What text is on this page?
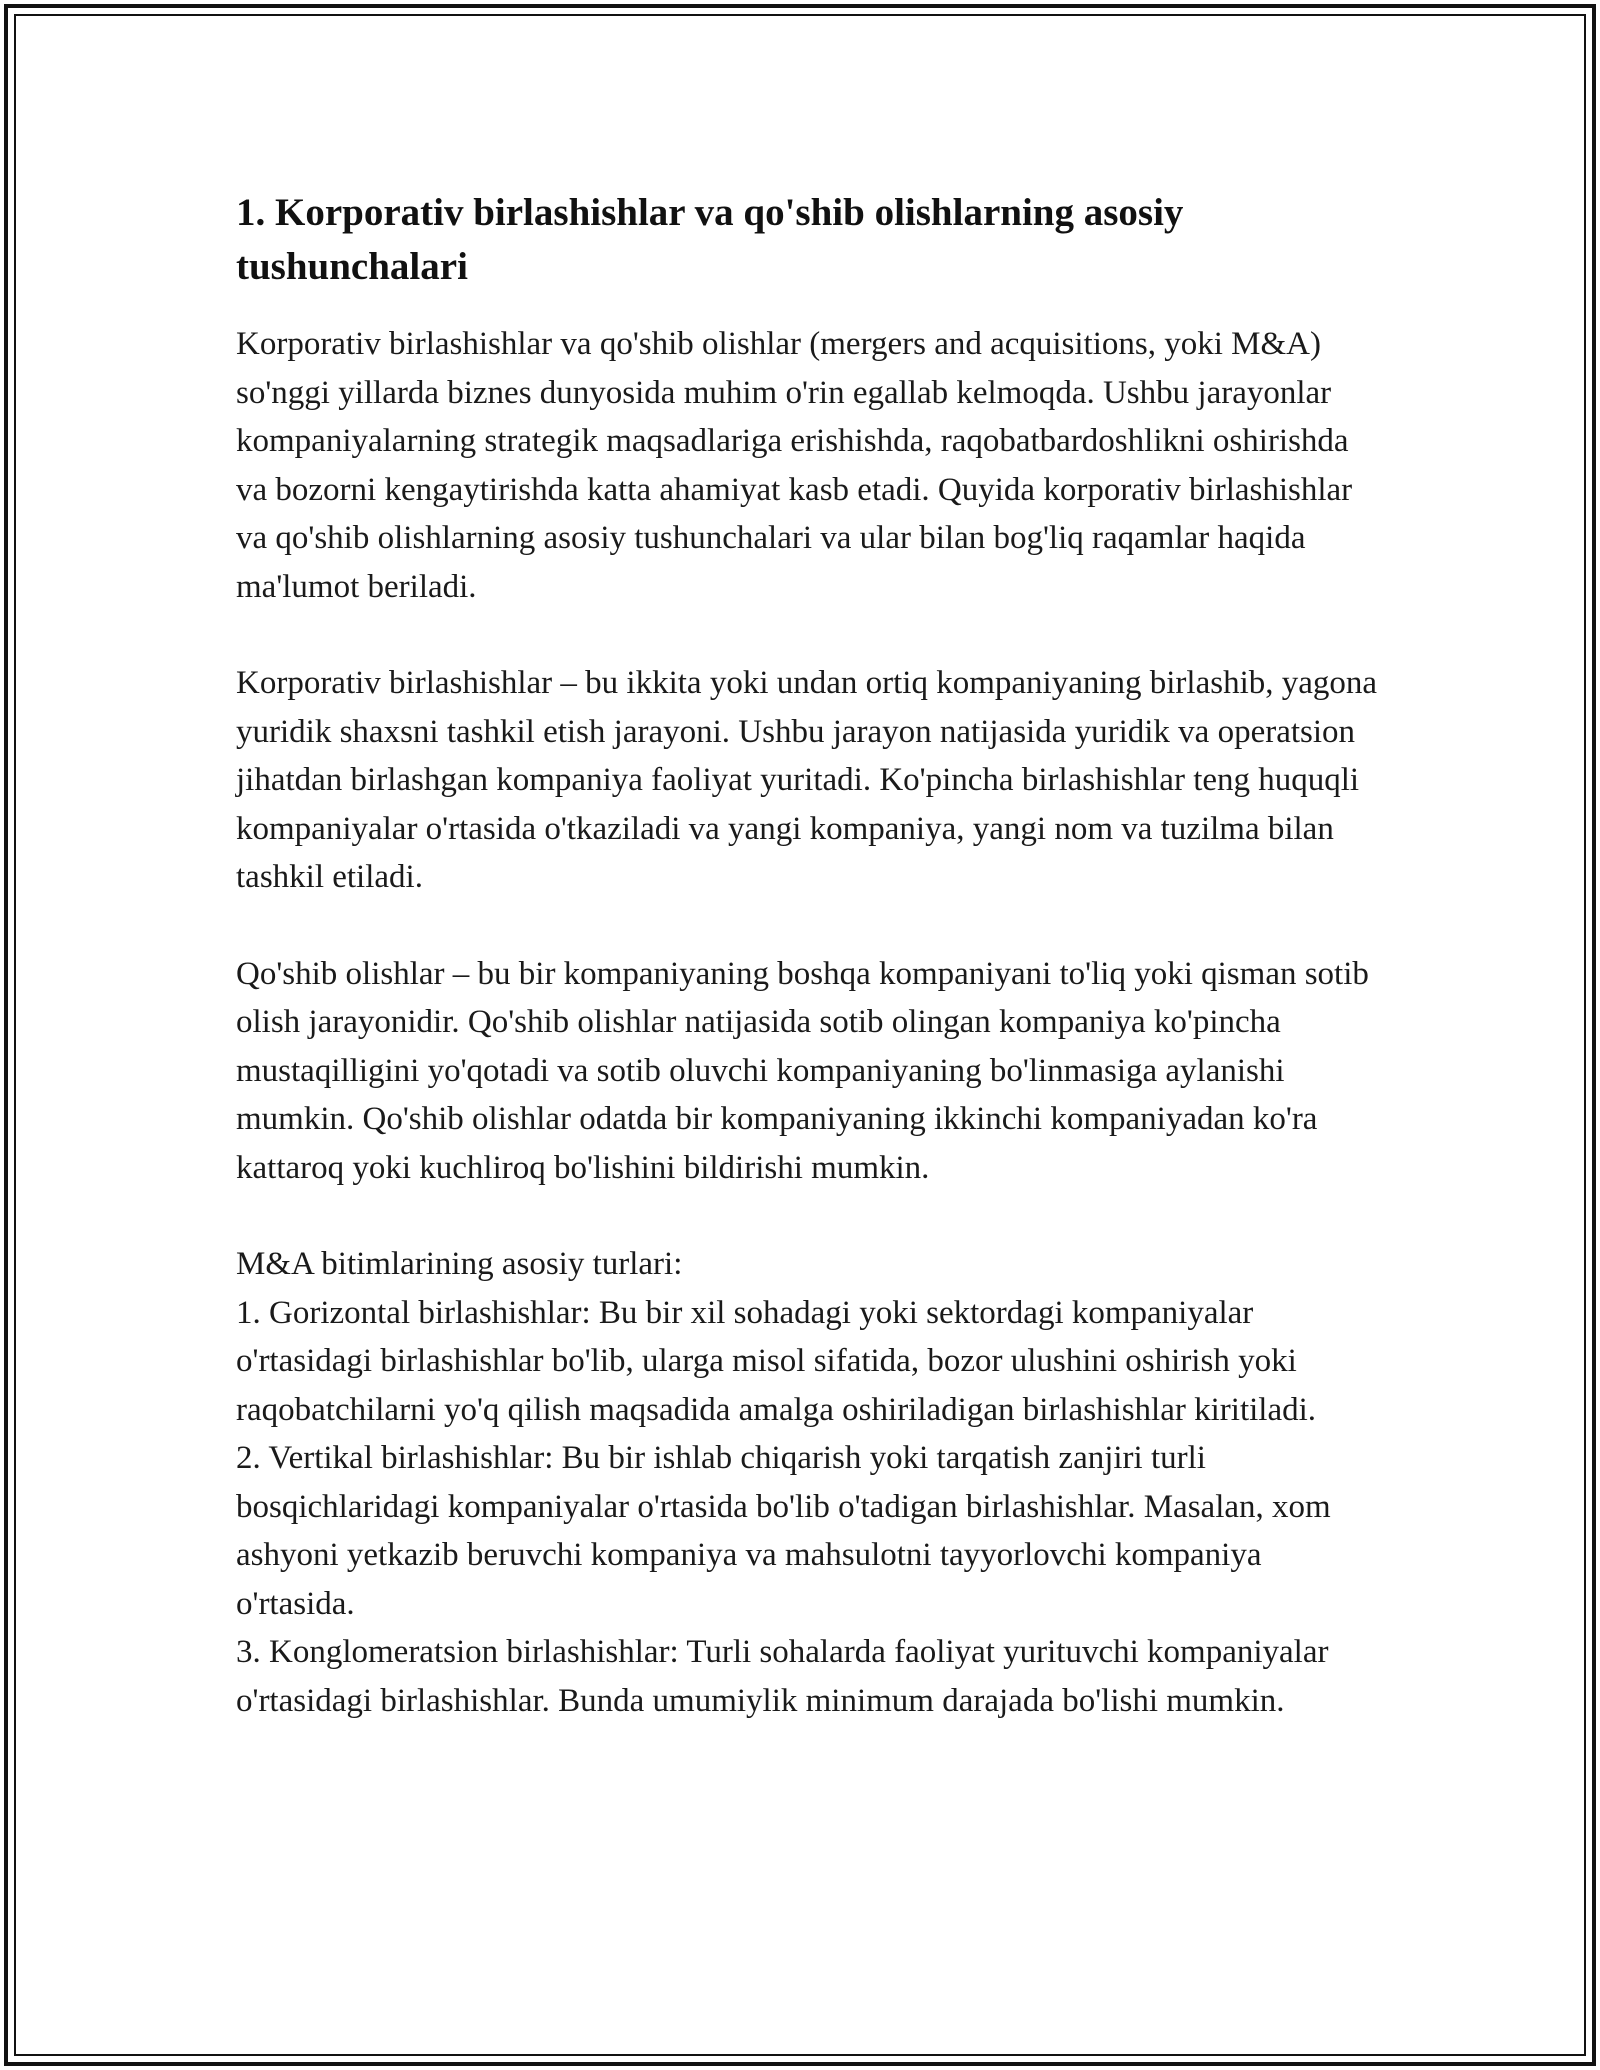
1. Korporativ birlashishlar va qo'shib olishlarning asosiy tushunchalari

Korporativ birlashishlar va qo'shib olishlar (mergers and acquisitions, yoki M&A) so'nggi yillarda biznes dunyosida muhim o'rin egallab kelmoqda. Ushbu jarayonlar kompaniyalarning strategik maqsadlariga erishishda, raqobatbardoshlikni oshirishda va bozorni kengaytirishda katta ahamiyat kasb etadi. Quyida korporativ birlashishlar va qo'shib olishlarning asosiy tushunchalari va ular bilan bog'liq raqamlar haqida ma'lumot beriladi.

Korporativ birlashishlar – bu ikkita yoki undan ortiq kompaniyaning birlashib, yagona yuridik shaxsni tashkil etish jarayoni. Ushbu jarayon natijasida yuridik va operatsion jihatdan birlashgan kompaniya faoliyat yuritadi. Ko'pincha birlashishlar teng huquqli kompaniyalar o'rtasida o'tkaziladi va yangi kompaniya, yangi nom va tuzilma bilan tashkil etiladi.

Qo'shib olishlar – bu bir kompaniyaning boshqa kompaniyani to'liq yoki qisman sotib olish jarayonidir. Qo'shib olishlar natijasida sotib olingan kompaniya ko'pincha mustaqilligini yo'qotadi va sotib oluvchi kompaniyaning bo'linmasiga aylanishi mumkin. Qo'shib olishlar odatda bir kompaniyaning ikkinchi kompaniyadan ko'ra kattaroq yoki kuchliroq bo'lishini bildirishi mumkin.

M&A bitimlarining asosiy turlari:

1. Gorizontal birlashishlar: Bu bir xil sohadagi yoki sektordagi kompaniyalar o'rtasidagi birlashishlar bo'lib, ularga misol sifatida, bozor ulushini oshirish yoki raqobatchilarni yo'q qilish maqsadida amalga oshiriladigan birlashishlar kiritiladi.

2. Vertikal birlashishlar: Bu bir ishlab chiqarish yoki tarqatish zanjiri turli bosqichlaridagi kompaniyalar o'rtasida bo'lib o'tadigan birlashishlar. Masalan, xom ashyoni yetkazib beruvchi kompaniya va mahsulotni tayyorlovchi kompaniya o'rtasida.

3. Konglomeratsion birlashishlar: Turli sohalarda faoliyat yurituvchi kompaniyalar o'rtasidagi birlashishlar. Bunda umumiylik minimum darajada bo'lishi mumkin.
